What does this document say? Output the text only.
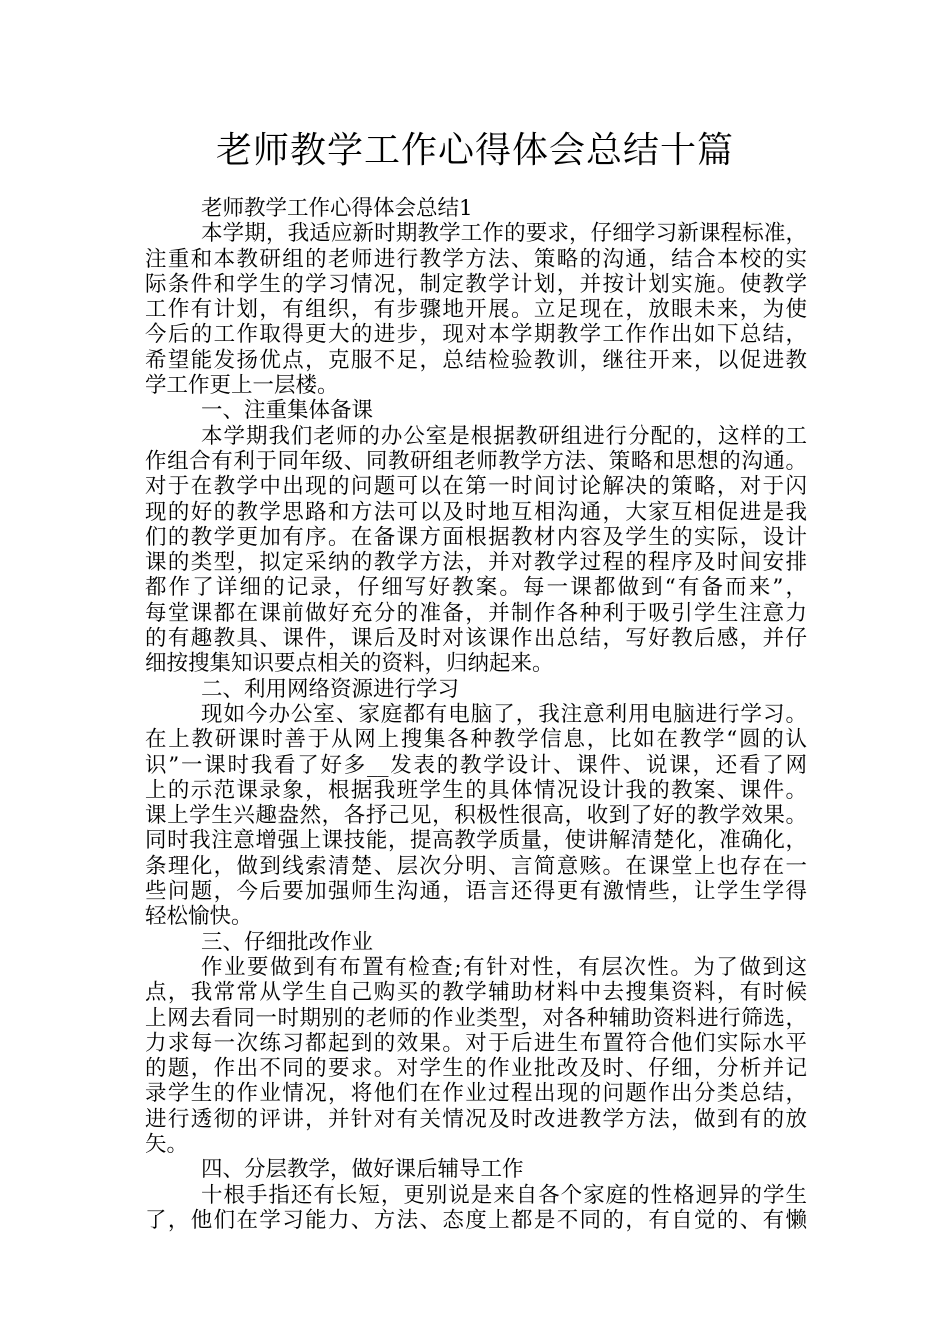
老师教学工作心得体会总结十篇
老师教学工作心得体会总结1
本学期，我适应新时期教学工作的要求，仔细学习新课程标准，
注重和本教研组的老师进行教学方法、策略的沟通，结合本校的实
际条件和学生的学习情况，制定教学计划，并按计划实施。使教学
工作有计划，有组织，有步骤地开展。立足现在，放眼未来，为使
今后的工作取得更大的进步，现对本学期教学工作作出如下总结，
希望能发扬优点，克服不足，总结检验教训，继往开来，以促进教
学工作更上一层楼。
一、注重集体备课
本学期我们老师的办公室是根据教研组进行分配的，这样的工
作组合有利于同年级、同教研组老师教学方法、策略和思想的沟通。
对于在教学中出现的问题可以在第一时间讨论解决的策略，对于闪
现的好的教学思路和方法可以及时地互相沟通，大家互相促进是我
们的教学更加有序。在备课方面根据教材内容及学生的实际，设计
课的类型，拟定采纳的教学方法，并对教学过程的程序及时间安排
都作了详细的记录，仔细写好教案。每一课都做到“有备而来”，
每堂课都在课前做好充分的准备，并制作各种利于吸引学生注意力
的有趣教具、课件，课后及时对该课作出总结，写好教后感，并仔
细按搜集知识要点相关的资料，归纳起来。
二、利用网络资源进行学习
现如今办公室、家庭都有电脑了，我注意利用电脑进行学习。
在上教研课时善于从网上搜集各种教学信息，比如在教学“圆的认
识”一课时我看了好多__发表的教学设计、课件、说课，还看了网
上的示范课录象，根据我班学生的具体情况设计我的教案、课件。
课上学生兴趣盎然，各抒己见，积极性很高，收到了好的教学效果。
同时我注意增强上课技能，提高教学质量，使讲解清楚化，准确化，
条理化，做到线索清楚、层次分明、言简意赅。在课堂上也存在一
些问题，今后要加强师生沟通，语言还得更有激情些，让学生学得
轻松愉快。
三、仔细批改作业
作业要做到有布置有检查;有针对性，有层次性。为了做到这
点，我常常从学生自己购买的教学辅助材料中去搜集资料，有时候
上网去看同一时期别的老师的作业类型，对各种辅助资料进行筛选，
力求每一次练习都起到的效果。对于后进生布置符合他们实际水平
的题，作出不同的要求。对学生的作业批改及时、仔细，分析并记
录学生的作业情况，将他们在作业过程出现的问题作出分类总结，
进行透彻的评讲，并针对有关情况及时改进教学方法，做到有的放
矢。
四、分层教学，做好课后辅导工作
十根手指还有长短，更别说是来自各个家庭的性格迥异的学生
了，他们在学习能力、方法、态度上都是不同的，有自觉的、有懒
